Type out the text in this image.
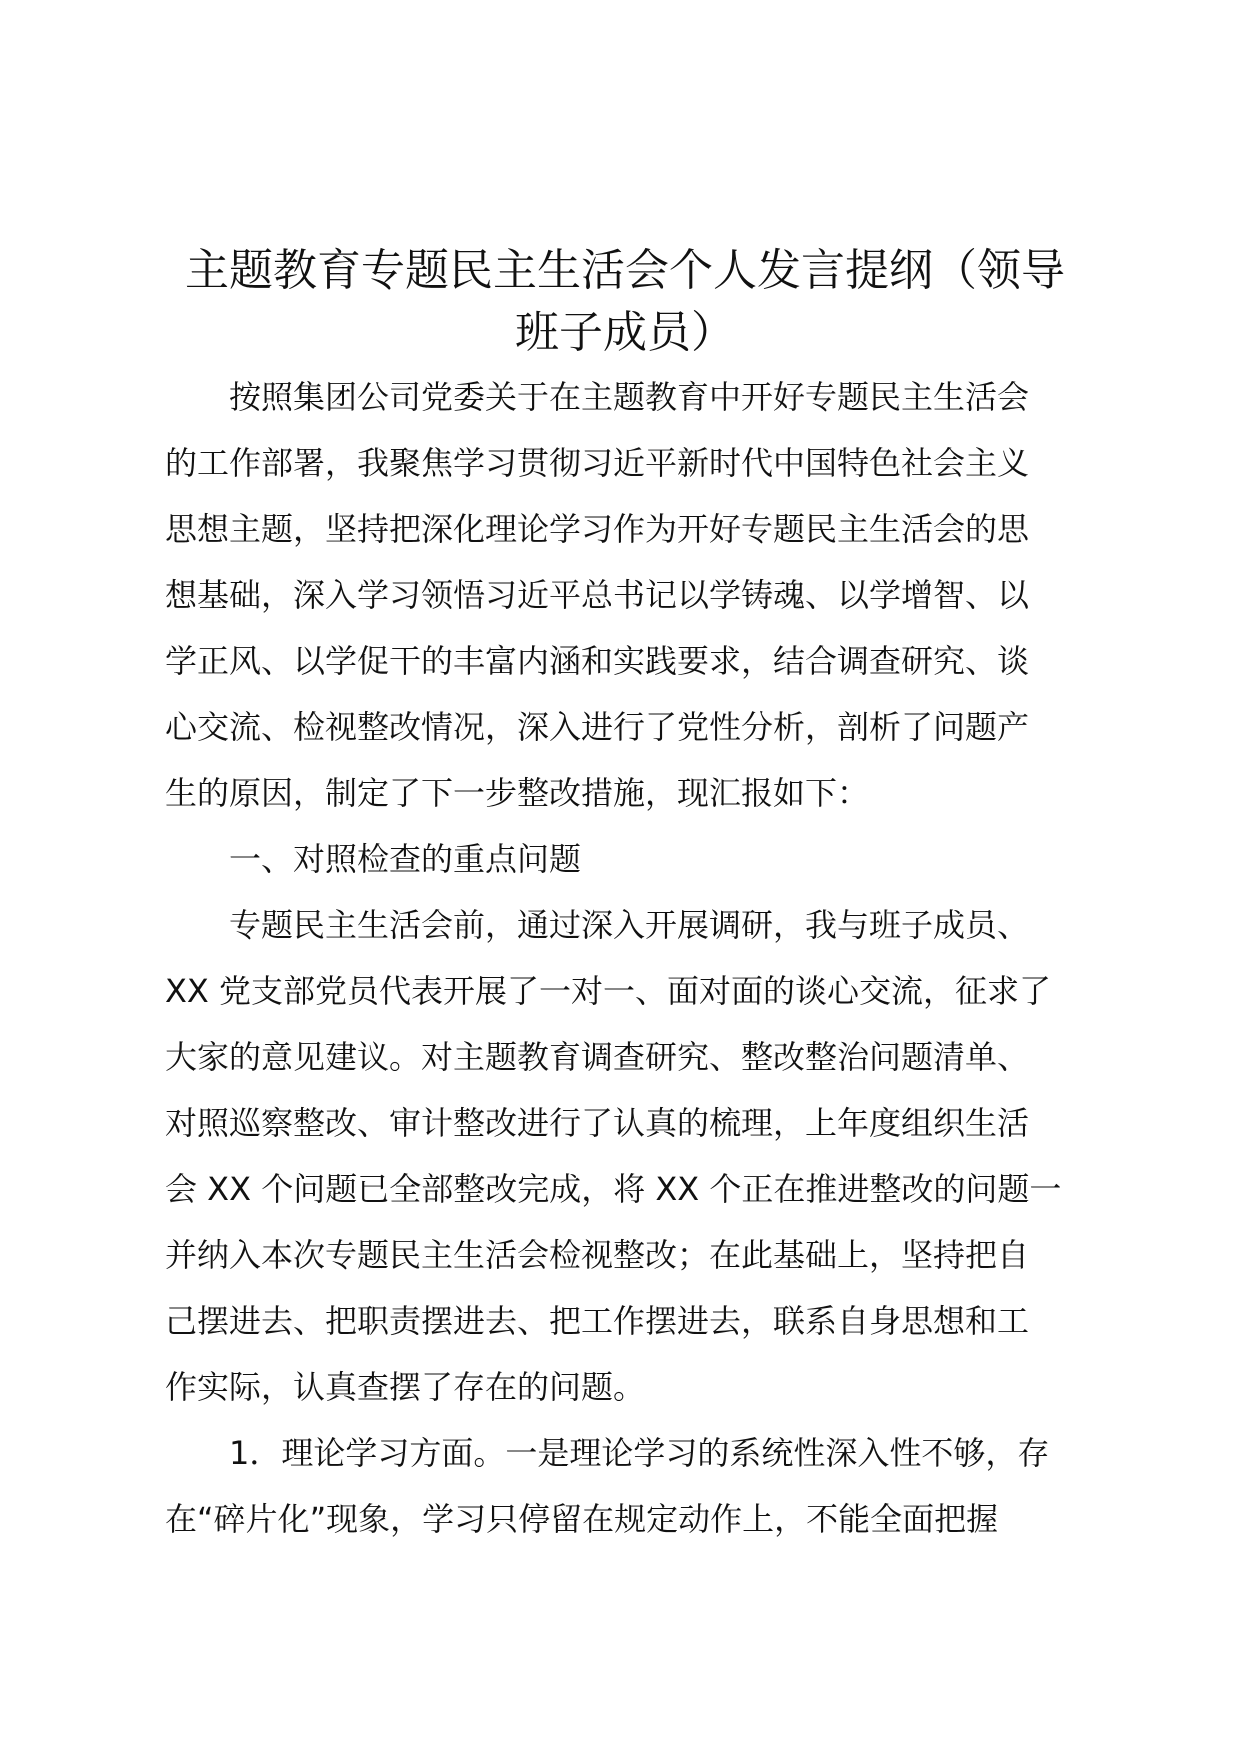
主题教育专题民主生活会个人发言提纲（领导
班子成员）
按照集团公司党委关于在主题教育中开好专题民主生活会
的工作部署，我聚焦学习贯彻习近平新时代中国特色社会主义
思想主题，坚持把深化理论学习作为开好专题民主生活会的思
想基础，深入学习领悟习近平总书记以学铸魂、以学增智、以
学正风、以学促干的丰富内涵和实践要求，结合调查研究、谈
心交流、检视整改情况，深入进行了党性分析，剖析了问题产
生的原因，制定了下一步整改措施，现汇报如下：
一、对照检查的重点问题
专题民主生活会前，通过深入开展调研，我与班子成员、
XX 党支部党员代表开展了一对一、面对面的谈心交流，征求了
大家的意见建议。对主题教育调查研究、整改整治问题清单、
对照巡察整改、审计整改进行了认真的梳理，上年度组织生活
会 XX 个问题已全部整改完成，将 XX 个正在推进整改的问题一
并纳入本次专题民主生活会检视整改；在此基础上，坚持把自
己摆进去、把职责摆进去、把工作摆进去，联系自身思想和工
作实际，认真查摆了存在的问题。
1．理论学习方面。一是理论学习的系统性深入性不够，存
在“碎片化”现象，学习只停留在规定动作上，不能全面把握
